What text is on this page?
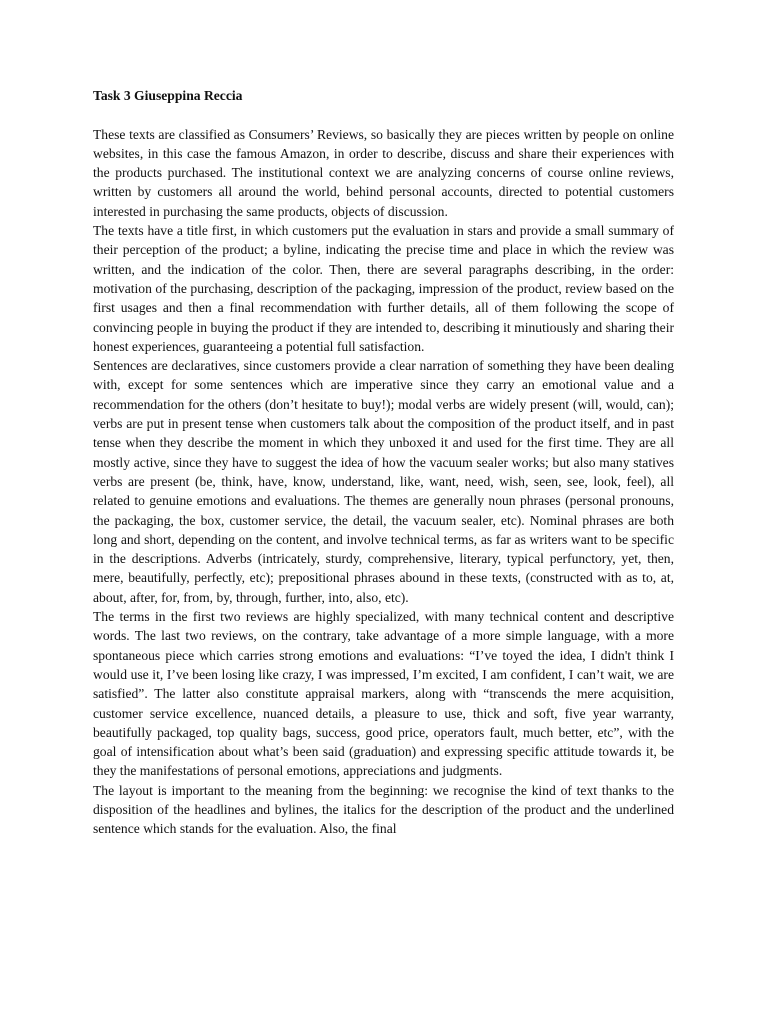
Task 3 Giuseppina Reccia

These texts are classified as Consumers’ Reviews, so basically they are pieces written by people on online websites, in this case the famous Amazon, in order to describe, discuss and share their experiences with the products purchased. The institutional context we are analyzing concerns of course online reviews, written by customers all around the world, behind personal accounts, directed to potential customers interested in purchasing the same products, objects of discussion.

The texts have a title first, in which customers put the evaluation in stars and provide a small summary of their perception of the product; a byline, indicating the precise time and place in which the review was written, and the indication of the color. Then, there are several paragraphs describing, in the order: motivation of the purchasing, description of the packaging, impression of the product, review based on the first usages and then a final recommendation with further details, all of them following the scope of convincing people in buying the product if they are intended to, describing it minutiously and sharing their honest experiences, guaranteeing a potential full satisfaction.

Sentences are declaratives, since customers provide a clear narration of something they have been dealing with, except for some sentences which are imperative since they carry an emotional value and a recommendation for the others (don’t hesitate to buy!); modal verbs are widely present (will, would, can); verbs are put in present tense when customers talk about the composition of the product itself, and in past tense when they describe the moment in which they unboxed it and used for the first time. They are all mostly active, since they have to suggest the idea of how the vacuum sealer works; but also many statives verbs are present (be, think, have, know, understand, like, want, need, wish, seen, see, look, feel), all related to genuine emotions and evaluations. The themes are generally noun phrases (personal pronouns, the packaging, the box, customer service, the detail, the vacuum sealer, etc). Nominal phrases are both long and short, depending on the content, and involve technical terms, as far as writers want to be specific in the descriptions. Adverbs (intricately, sturdy, comprehensive, literary, typical perfunctory, yet, then, mere, beautifully, perfectly, etc); prepositional phrases abound in these texts, (constructed with as to, at, about, after, for, from, by, through, further, into, also, etc).

The terms in the first two reviews are highly specialized, with many technical content and descriptive words. The last two reviews, on the contrary, take advantage of a more simple language, with a more spontaneous piece which carries strong emotions and evaluations: “I’ve toyed the idea, I didn't think I would use it, I’ve been losing like crazy, I was impressed, I’m excited, I am confident, I can’t wait, we are satisfied”. The latter also constitute appraisal markers, along with “transcends the mere acquisition, customer service excellence, nuanced details, a pleasure to use, thick and soft, five year warranty, beautifully packaged, top quality bags, success, good price, operators fault, much better, etc”, with the goal of intensification about what’s been said (graduation) and expressing specific attitude towards it, be they the manifestations of personal emotions, appreciations and judgments.

The layout is important to the meaning from the beginning: we recognise the kind of text thanks to the disposition of the headlines and bylines, the italics for the description of the product and the underlined sentence which stands for the evaluation. Also, the final
